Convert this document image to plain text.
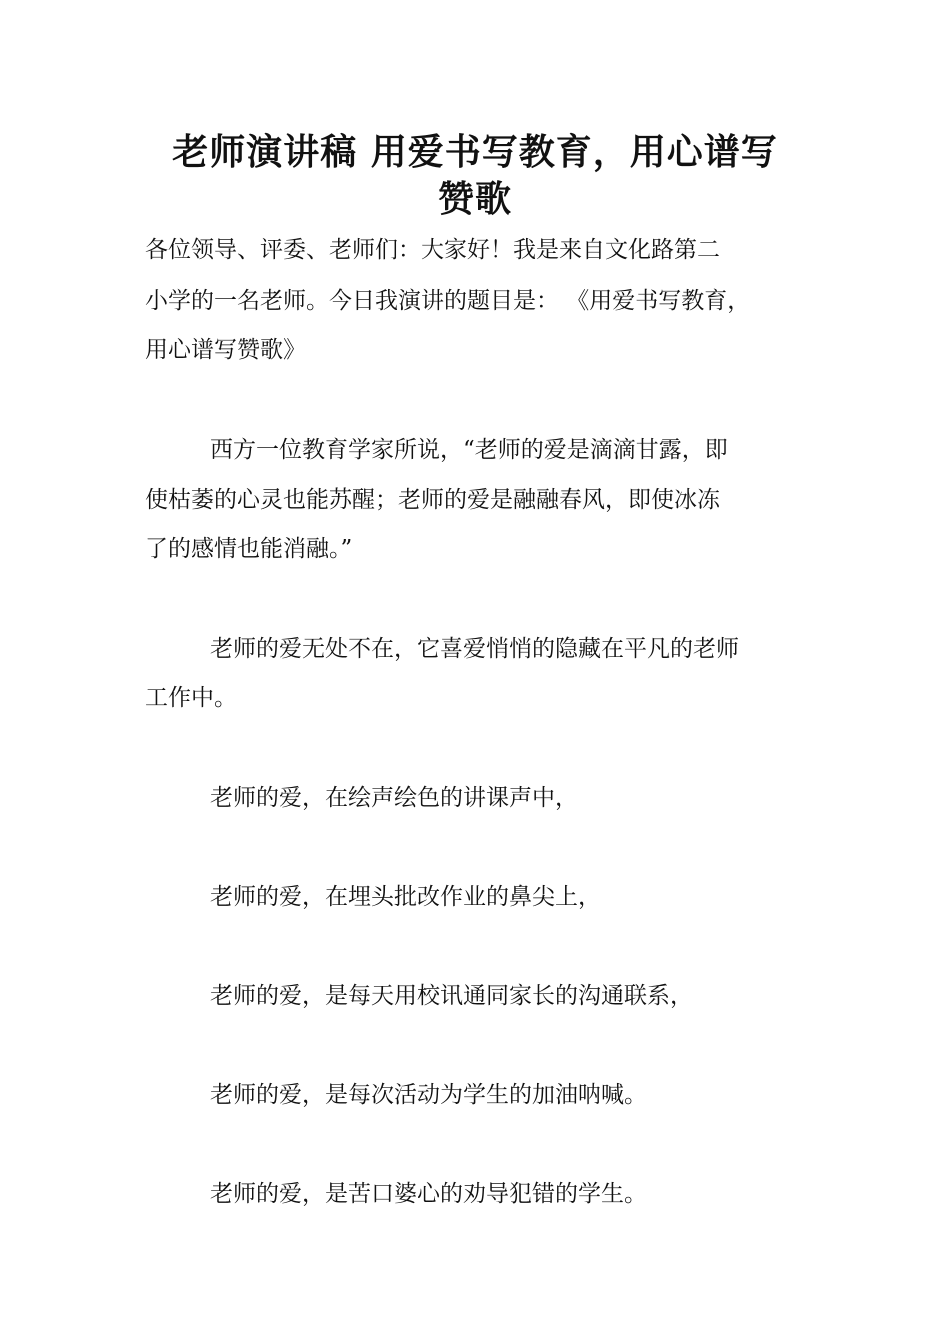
老师演讲稿 用爱书写教育，用心谱写
赞歌

各位领导、评委、老师们：大家好！我是来自文化路第二

小学的一名老师。今日我演讲的题目是： 《用爱书写教育，

用心谱写赞歌》

西方一位教育学家所说，“老师的爱是滴滴甘露，即

使枯萎的心灵也能苏醒；老师的爱是融融春风，即使冰冻

了的感情也能消融。”

老师的爱无处不在，它喜爱悄悄的隐藏在平凡的老师

工作中。

老师的爱，在绘声绘色的讲课声中，

老师的爱，在埋头批改作业的鼻尖上，

老师的爱，是每天用校讯通同家长的沟通联系，

老师的爱，是每次活动为学生的加油呐喊。

老师的爱，是苦口婆心的劝导犯错的学生。
